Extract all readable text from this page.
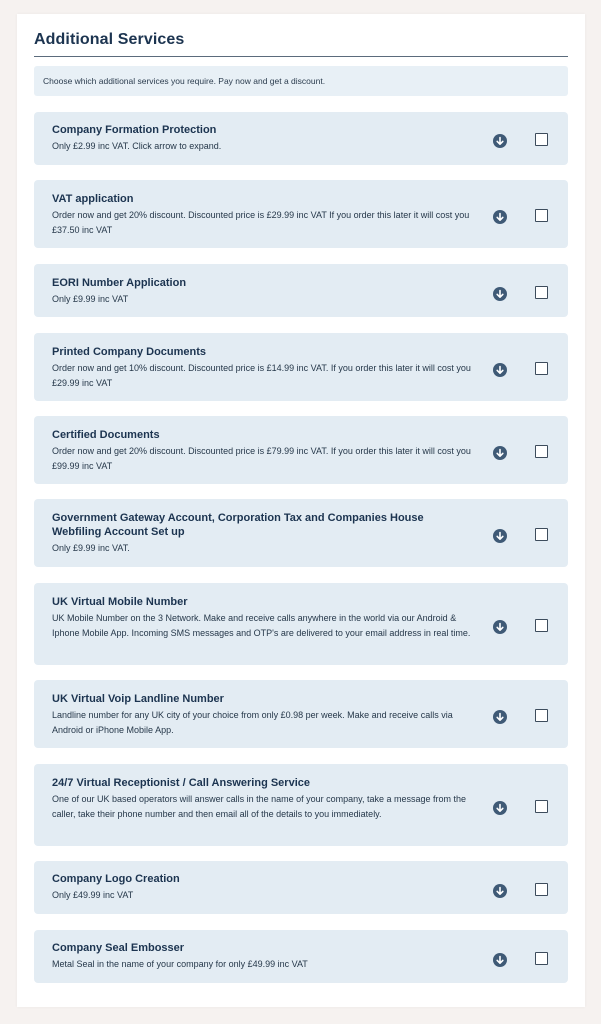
Additional Services
Choose which additional services you require. Pay now and get a discount.
Company Formation Protection

Only £2.99 inc VAT. Click arrow to expand.

VAT application

Order now and get 20% discount. Discounted price is £29.99 inc VAT If you order this later it will cost you £37.50 inc VAT

EORI Number Application

Only £9.99 inc VAT

Printed Company Documents

Order now and get 10% discount. Discounted price is £14.99 inc VAT. If you order this later it will cost you £29.99 inc VAT

Certified Documents

Order now and get 20% discount. Discounted price is £79.99 inc VAT. If you order this later it will cost you £99.99 inc VAT

Government Gateway Account, Corporation Tax and Companies House Webfiling Account Set up

Only £9.99 inc VAT.

UK Virtual Mobile Number

UK Mobile Number on the 3 Network. Make and receive calls anywhere in the world via our Android & Iphone Mobile App. Incoming SMS messages and OTP's are delivered to your email address in real time.

UK Virtual Voip Landline Number

Landline number for any UK city of your choice from only £0.98 per week. Make and receive calls via Android or iPhone Mobile App.

24/7 Virtual Receptionist / Call Answering Service

One of our UK based operators will answer calls in the name of your company, take a message from the caller, take their phone number and then email all of the details to you immediately.

Company Logo Creation

Only £49.99 inc VAT

Company Seal Embosser

Metal Seal in the name of your company for only £49.99 inc VAT
